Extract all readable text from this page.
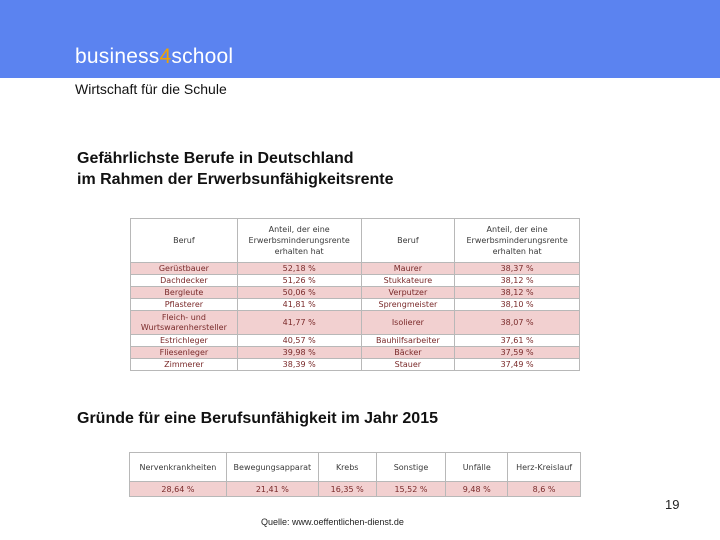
business4school
Wirtschaft für die Schule
Gefährlichste Berufe in Deutschland
im Rahmen der Erwerbsunfähigkeitsrente
Beruf	Anteil, der eine Erwerbsminderungsrente erhalten hat	Beruf	Anteil, der eine Erwerbsminderungsrente erhalten hat
Gerüstbauer	52,18 %	Maurer	38,37 %
Dachdecker	51,26 %	Stukkateure	38,12 %
Bergleute	50,06 %	Verputzer	38,12 %
Pflasterer	41,81 %	Sprengmeister	38,10 %
Fleich- und Wurtswarenhersteller	41,77 %	Isolierer	38,07 %
Estrichleger	40,57 %	Bauhilfsarbeiter	37,61 %
Fliesenleger	39,98 %	Bäcker	37,59 %
Zimmerer	38,39 %	Stauer	37,49 %
Gründe für eine Berufsunfähigkeit im Jahr 2015
Nervenkrankheiten	Bewegungsapparat	Krebs	Sonstige	Unfälle	Herz-Kreislauf
28,64 %	21,41 %	16,35 %	15,52 %	9,48 %	8,6 %
19
Quelle: www.oeffentlichen-dienst.de
